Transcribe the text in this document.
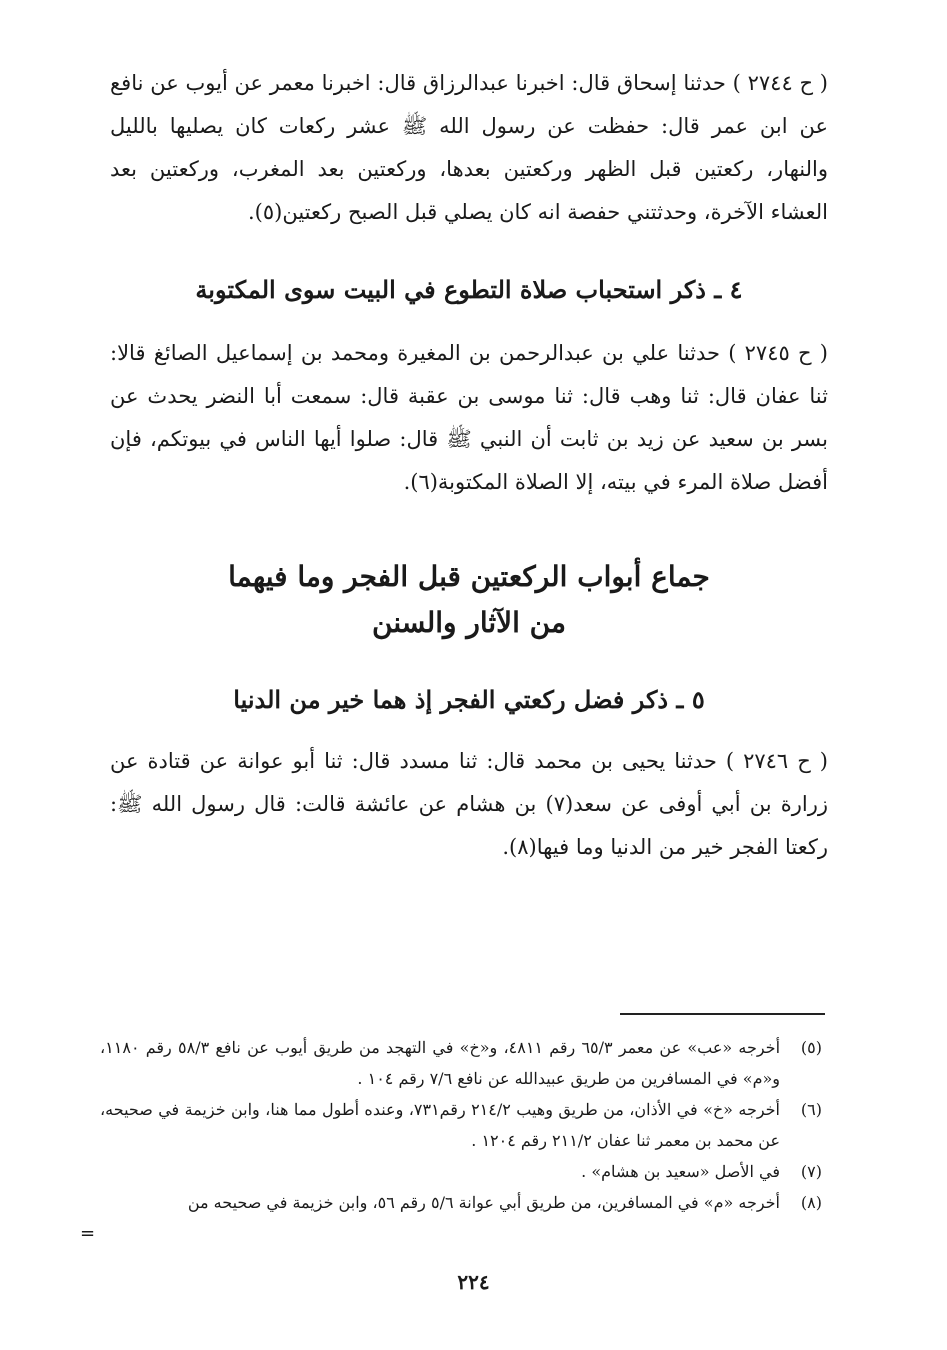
( ح ٢٧٤٤ ) حدثنا إسحاق قال: اخبرنا عبدالرزاق قال: اخبرنا معمر عن أيوب عن نافع عن ابن عمر قال: حفظت عن رسول الله ﷺ عشر ركعات كان يصليها بالليل والنهار، ركعتين قبل الظهر وركعتين بعدها، وركعتين بعد المغرب، وركعتين بعد العشاء الآخرة، وحدثتني حفصة انه كان يصلي قبل الصبح ركعتين(٥).

٤ ـ ذكر استحباب صلاة التطوع في البيت سوى المكتوبة

( ح ٢٧٤٥ ) حدثنا علي بن عبدالرحمن بن المغيرة ومحمد بن إسماعيل الصائغ قالا: ثنا عفان قال: ثنا وهب قال: ثنا موسى بن عقبة قال: سمعت أبا النضر يحدث عن بسر بن سعيد عن زيد بن ثابت أن النبي ﷺ قال: صلوا أيها الناس في بيوتكم، فإن أفضل صلاة المرء في بيته، إلا الصلاة المكتوبة(٦).

جماع أبواب الركعتين قبل الفجر وما فيهما
من الآثار والسنن
٥ ـ ذكر فضل ركعتي الفجر إذ هما خير من الدنيا

( ح ٢٧٤٦ ) حدثنا يحيى بن محمد قال: ثنا مسدد قال: ثنا أبو عوانة عن قتادة عن زرارة بن أبي أوفى عن سعد(٧) بن هشام عن عائشة قالت: قال رسول الله ﷺ: ركعتا الفجر خير من الدنيا وما فيها(٨).

(٥)
أخرجه «عب» عن معمر ٦٥/٣ رقم ٤٨١١، و«خ» في التهجد من طريق أيوب عن نافع ٥٨/٣ رقم ١١٨٠، و«م» في المسافرين من طريق عبيدالله عن نافع ٧/٦ رقم ١٠٤ .

(٦)
أخرجه «خ» في الأذان، من طريق وهيب ٢١٤/٢ رقم٧٣١، وعنده أطول مما هنا، وابن خزيمة في صحيحه، عن محمد بن معمر ثنا عفان ٢١١/٢ رقم ١٢٠٤ .

(٧)
في الأصل «سعيد بن هشام» .

(٨)
أخرجه «م» في المسافرين، من طريق أبي عوانة ٥/٦ رقم ٥٦، وابن خزيمة في صحيحه من

=
٢٢٤
